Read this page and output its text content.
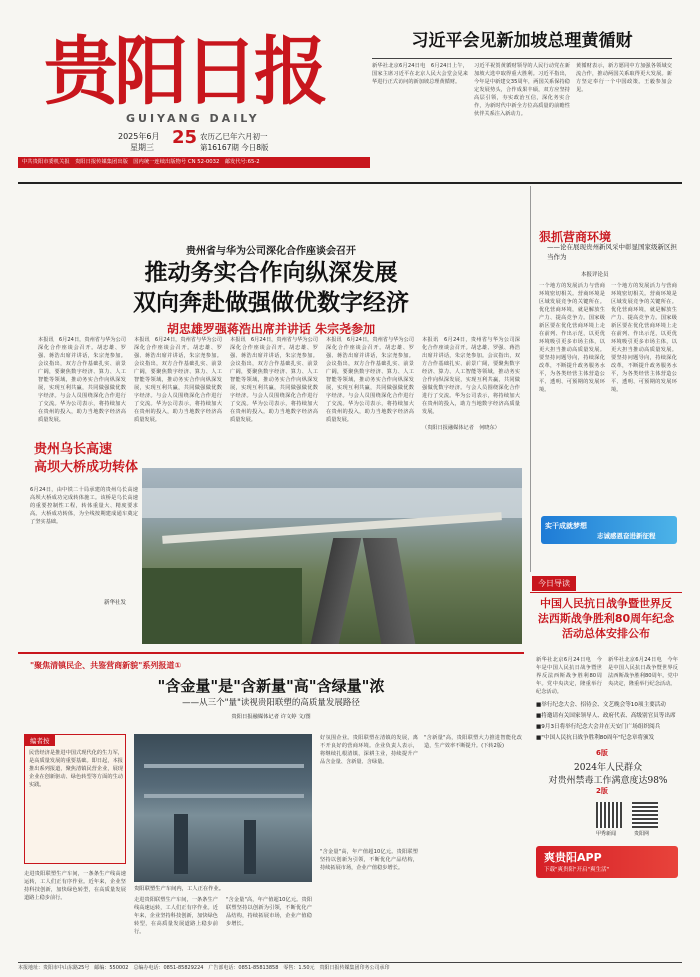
贵阳日报
GUIYANG DAILY
2025年6月
星期三 25 农历乙巳年六月初一
第16167期 今日8版
中共贵阳市委机关报　贵阳日报传媒集团出版　国内统一连续出版物号 CN 52-0032　邮发代号:65-2
习近平会见新加坡总理黄循财
新华社北京6月24日电　6月24日上午，国家主席习近平在北京人民大会堂会见来华进行正式访问的新加坡总理黄循财。
习近平祝贺黄循财领导的人民行动党在新加坡大选中取得重大胜利。习近平指出，今年是中新建交35周年，两国关系保持稳定发展势头，合作成果丰硕，双方应坚持高层引领，夯实政治互信，深化务实合作，为新时代中新全方位高质量的前瞻性伙伴关系注入新动力。
黄循财表示，新方愿同中方加强各领域交流合作，推动两国关系取得更大发展。新方坚定奉行一个中国政策。王毅参加会见。
贵州省与华为公司深化合作座谈会召开
推动务实合作向纵深发展
双向奔赴做强做优数字经济
胡忠雄罗强蒋浩出席并讲话 朱宗尧参加
本报讯　6月24日，贵州省与华为公司深化合作座谈会召开。胡忠雄、罗强、蒋浩出席并讲话，朱宗尧参加。会议指出，双方合作基础扎实、前景广阔，要聚焦数字经济、算力、人工智能等领域，推动务实合作向纵深发展，实现互利共赢，共同做强做优数字经济。与会人员围绕深化合作进行了交流。华为公司表示，将持续加大在贵州的投入，助力当地数字经济高质量发展。
本报讯　6月24日，贵州省与华为公司深化合作座谈会召开。胡忠雄、罗强、蒋浩出席并讲话，朱宗尧参加。会议指出，双方合作基础扎实、前景广阔，要聚焦数字经济、算力、人工智能等领域，推动务实合作向纵深发展，实现互利共赢，共同做强做优数字经济。与会人员围绕深化合作进行了交流。华为公司表示，将持续加大在贵州的投入，助力当地数字经济高质量发展。
本报讯　6月24日，贵州省与华为公司深化合作座谈会召开。胡忠雄、罗强、蒋浩出席并讲话，朱宗尧参加。会议指出，双方合作基础扎实、前景广阔，要聚焦数字经济、算力、人工智能等领域，推动务实合作向纵深发展，实现互利共赢，共同做强做优数字经济。与会人员围绕深化合作进行了交流。华为公司表示，将持续加大在贵州的投入，助力当地数字经济高质量发展。
本报讯　6月24日，贵州省与华为公司深化合作座谈会召开。胡忠雄、罗强、蒋浩出席并讲话，朱宗尧参加。会议指出，双方合作基础扎实、前景广阔，要聚焦数字经济、算力、人工智能等领域，推动务实合作向纵深发展，实现互利共赢，共同做强做优数字经济。与会人员围绕深化合作进行了交流。华为公司表示，将持续加大在贵州的投入，助力当地数字经济高质量发展。
本报讯　6月24日，贵州省与华为公司深化合作座谈会召开。胡忠雄、罗强、蒋浩出席并讲话，朱宗尧参加。会议指出，双方合作基础扎实、前景广阔，要聚焦数字经济、算力、人工智能等领域，推动务实合作向纵深发展，实现互利共赢，共同做强做优数字经济。与会人员围绕深化合作进行了交流。华为公司表示，将持续加大在贵州的投入，助力当地数字经济高质量发展。
（贵阳日报融媒体记者　何晓东）
贵州乌长高速
高坝大桥成功转体
6月24日，由中铁二十局承建的贵州乌长高速高坝大桥成功完成转体施工。该桥是乌长高速的重要控制性工程，转体重量大、精度要求高。大桥成功转体，为全线按期建成通车奠定了坚实基础。
新华社发
狠抓营商环境
——论在展现贵州新风采中彰显国家级新区担当作为
本报评论员
一个地方的发展活力与营商环境密切相关。营商环境是区域发展竞争的关键所在。优化营商环境，就是解放生产力、提高竞争力。国家级新区要在优化营商环境上走在前列、作出示范，以更优环境吸引更多市场主体，以更大担当推动高质量发展。要坚持问题导向，持续深化改革，不断提升政务服务水平，为各类经营主体营造公平、透明、可预期的发展环境。
一个地方的发展活力与营商环境密切相关。营商环境是区域发展竞争的关键所在。优化营商环境，就是解放生产力、提高竞争力。国家级新区要在优化营商环境上走在前列、作出示范，以更优环境吸引更多市场主体，以更大担当推动高质量发展。要坚持问题导向，持续深化改革，不断提升政务服务水平，为各类经营主体营造公平、透明、可预期的发展环境。
实干成就梦想
志诚感恩奋进新征程
"聚焦清镇民企、共鉴营商新貌"系列报道①
"含金量"是"含新量"高"含绿量"浓
——从三个"量"读视贵阳联塑的高质量发展路径
贵阳日报融媒体记者 许文婷 文/图
编者按
民营经济是推进中国式现代化的生力军，是高质量发展的重要基础。即日起，本报推出系列报道，聚焦清镇民营企业，展现企业在创新驱动、绿色转型等方面的生动实践。
走进贵阳联塑生产车间，一条条生产线高速运转，工人们正有序作业。近年来，企业坚持科技创新，加快绿色转型，在高质量发展道路上稳步前行。
贵阳联塑生产车间内，工人正在作业。
走进贵阳联塑生产车间，一条条生产线高速运转，工人们正有序作业。近年来，企业坚持科技创新，加快绿色转型，在高质量发展道路上稳步前行。
"含金量"高，年产值超10亿元。贵阳联塑坚持以创新为引领，不断优化产品结构，持续拓展市场，企业产值稳步增长。
好氛围企业。贵阳联塑在清镇的发展，离不开良好的营商环境。企业负责人表示，将继续扎根清镇，深耕主业，持续提升产品含金量、含新量、含绿量。
"含金量"高，年产值超10亿元。贵阳联塑坚持以创新为引领，不断优化产品结构，持续拓展市场，企业产值稳步增长。
"含新量"高，贵阳联塑大力推进智能化改造，生产效率不断提升。(下转2版)
今日导读
中国人民抗日战争暨世界反法西斯战争胜利80周年纪念活动总体安排公布
新华社北京6月24日电　今年是中国人民抗日战争暨世界反法西斯战争胜利80周年。党中央决定，隆重举行纪念活动。
新华社北京6月24日电　今年是中国人民抗日战争暨世界反法西斯战争胜利80周年。党中央决定，隆重举行纪念活动。
■举行纪念大会、招待会、文艺晚会等10项主要活动
■将邀请有关国家领导人、政府代表、高级别官员等出席
■9月3日将举行纪念大会并在天安门广场组织阅兵
■"中国人民抗日战争胜利80周年"纪念章将颁发
6版
2024年人民群众
对贵州禁毒工作满意度达98%
2版
甲秀新闻	贵阳网
爽贵阳APP
下载"爽贵阳"开启"爽生活"
本报地址：贵阳市中山东路25号　邮编：550002　总编办电话：0851-85829224　广告部电话：0851-85813858　零售：1.50元　贵阳日报传媒集团印务公司承印
